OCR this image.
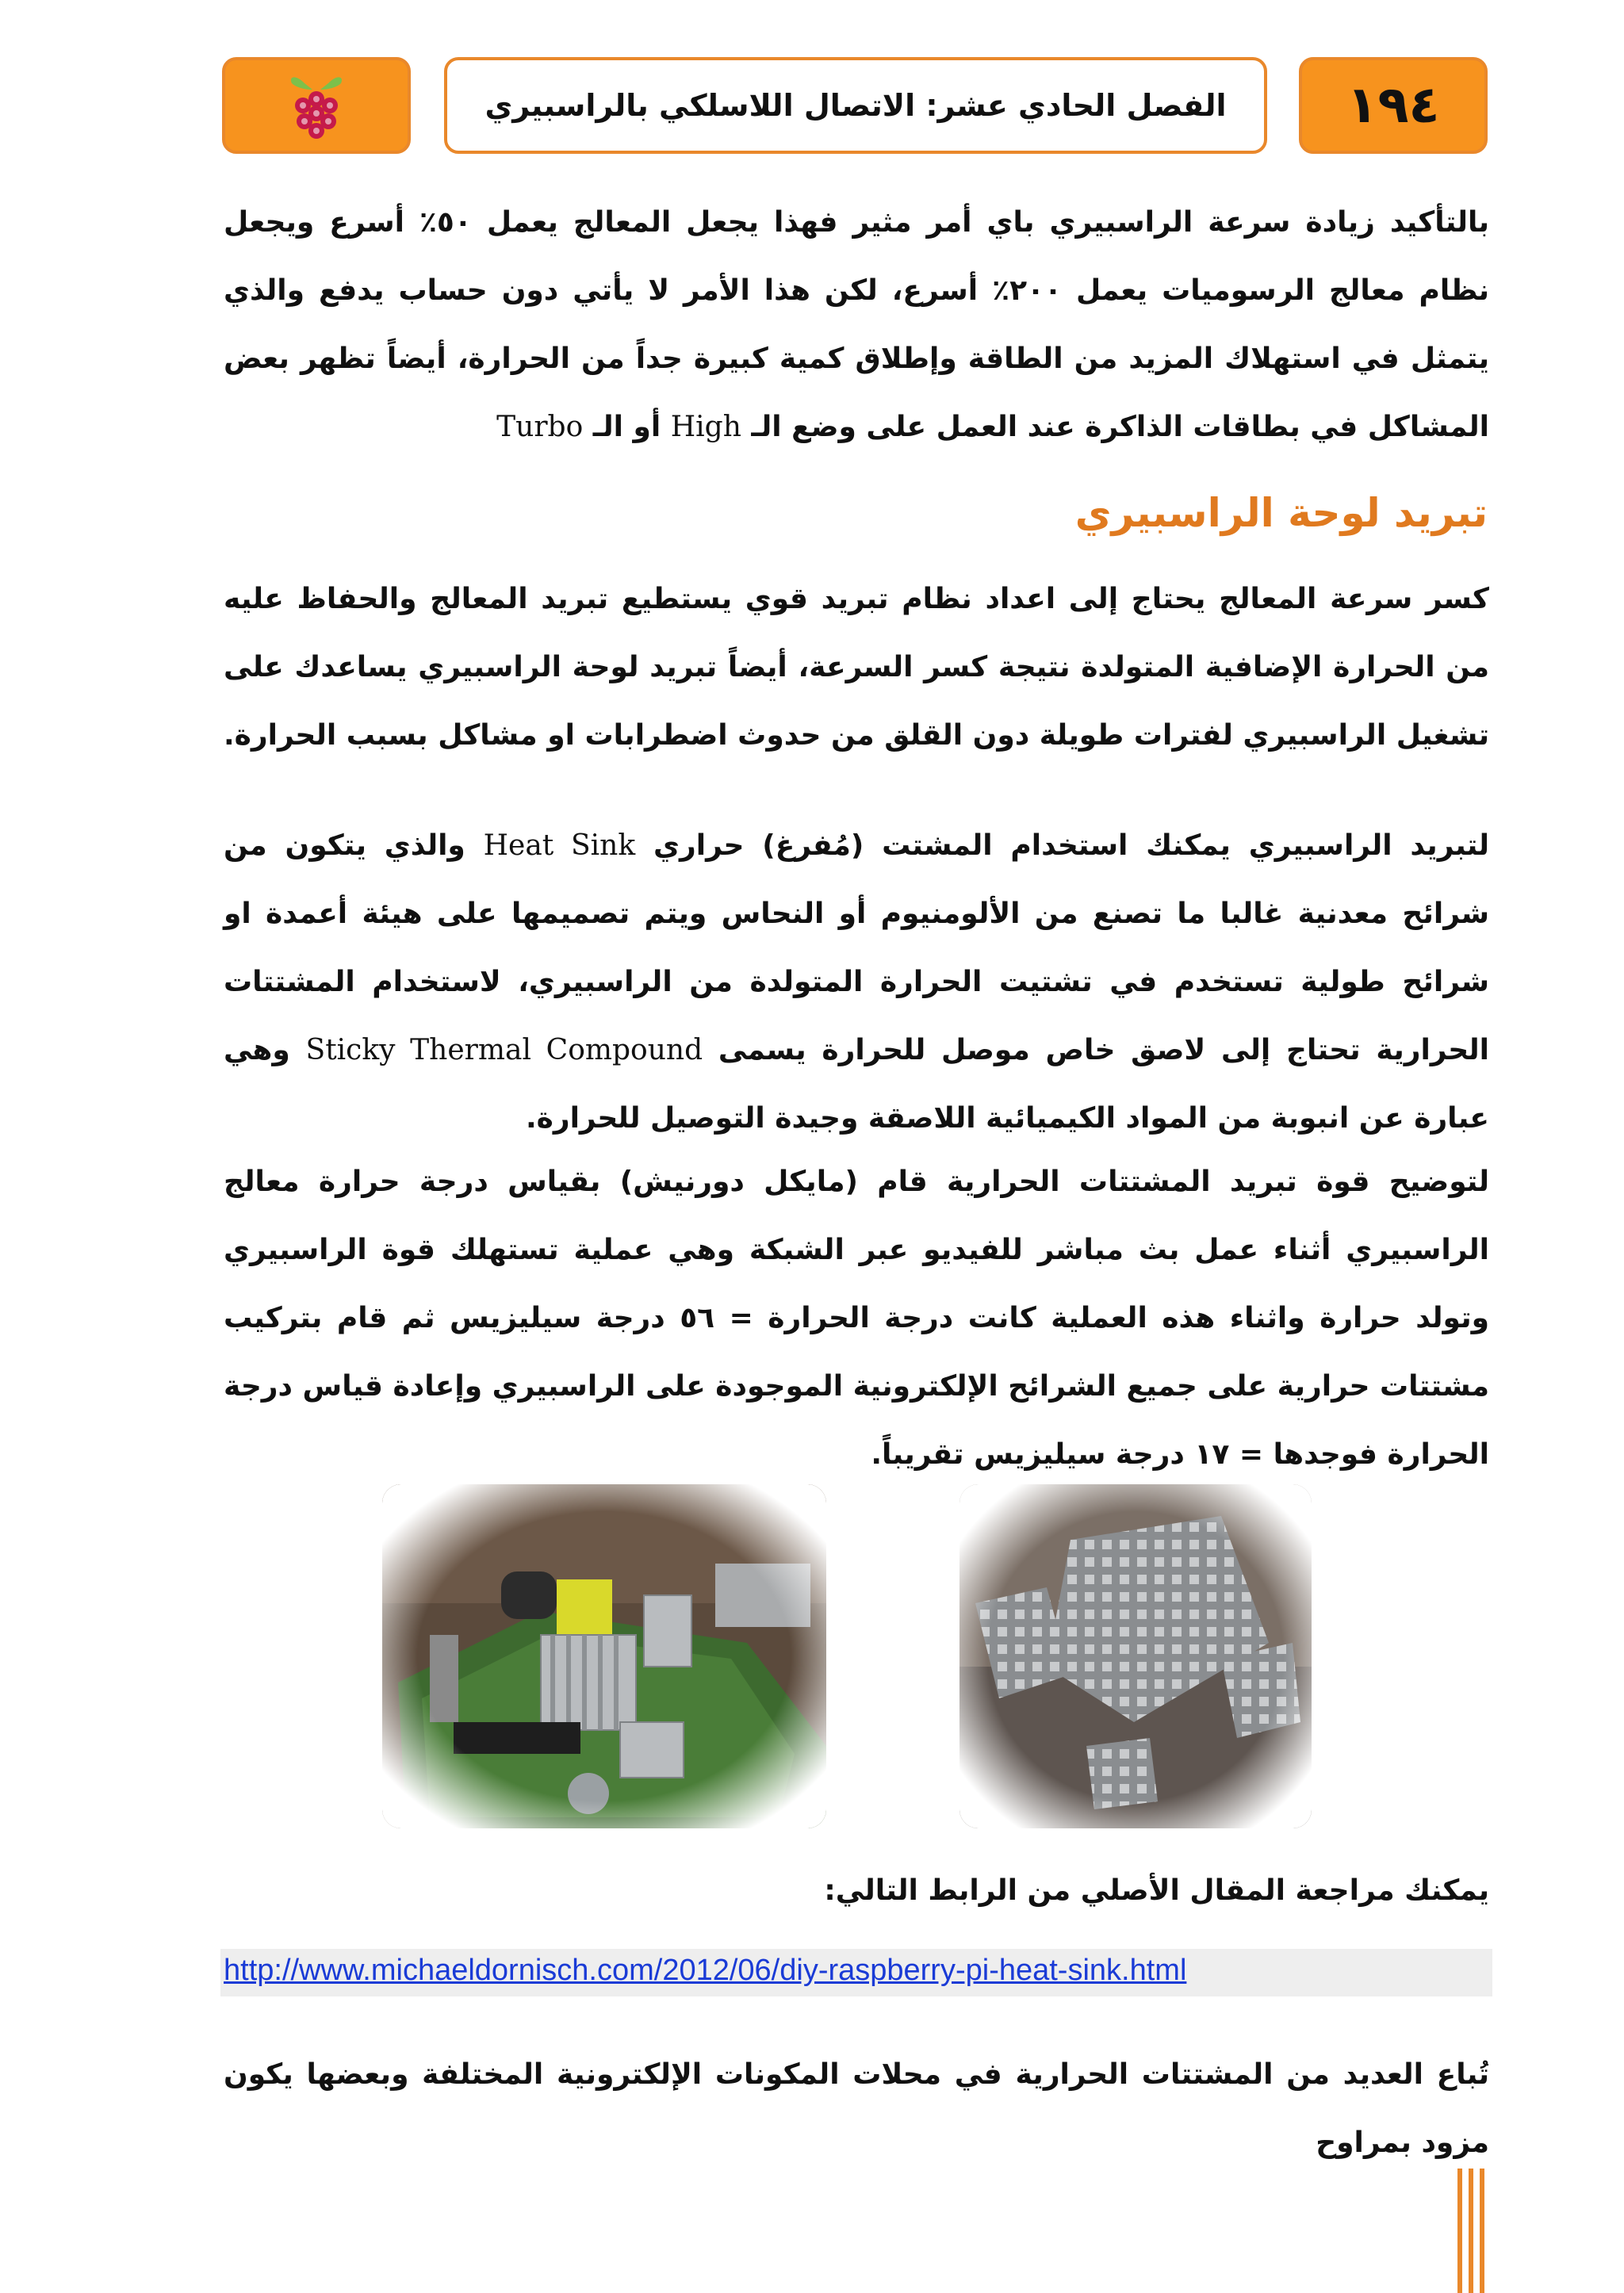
الفصل الحادي عشر: الاتصال اللاسلكي بالراسبيري ١٩٤

بالتأكيد زيادة سرعة الراسبيري باي أمر مثير فهذا يجعل المعالج يعمل ٥٠٪ أسرع ويجعل نظام معالج الرسوميات يعمل ٢٠٠٪ أسرع، لكن هذا الأمر لا يأتي دون حساب يدفع والذي يتمثل في استهلاك المزيد من الطاقة وإطلاق كمية كبيرة جداً من الحرارة، أيضاً تظهر بعض المشاكل في بطاقات الذاكرة عند العمل على وضع الـ High أو الـ Turbo

تبريد لوحة الراسبيري

كسر سرعة المعالج يحتاج إلى اعداد نظام تبريد قوي يستطيع تبريد المعالج والحفاظ عليه من الحرارة الإضافية المتولدة نتيجة كسر السرعة، أيضاً تبريد لوحة الراسبيري يساعدك على تشغيل الراسبيري لفترات طويلة دون القلق من حدوث اضطرابات او مشاكل بسبب الحرارة.

لتبريد الراسبيري يمكنك استخدام المشتت (مُفرغ) حراري Heat Sink والذي يتكون من شرائح معدنية غالبا ما تصنع من الألومنيوم أو النحاس ويتم تصميمها على هيئة أعمدة او شرائح طولية تستخدم في تشتيت الحرارة المتولدة من الراسبيري، لاستخدام المشتتات الحرارية تحتاج إلى لاصق خاص موصل للحرارة يسمى Sticky Thermal Compound وهي عبارة عن انبوبة من المواد الكيميائية اللاصقة وجيدة التوصيل للحرارة.

لتوضيح قوة تبريد المشتتات الحرارية قام (مايكل دورنيش) بقياس درجة حرارة معالج الراسبيري أثناء عمل بث مباشر للفيديو عبر الشبكة وهي عملية تستهلك قوة الراسبيري وتولد حرارة واثناء هذه العملية كانت درجة الحرارة = ٥٦ درجة سيليزيس ثم قام بتركيب مشتتات حرارية على جميع الشرائح الإلكترونية الموجودة على الراسبيري وإعادة قياس درجة الحرارة فوجدها = ١٧ درجة سيليزيس تقريباً.

يمكنك مراجعة المقال الأصلي من الرابط التالي:

http://www.michaeldornisch.com/2012/06/diy-raspberry-pi-heat-sink.html

تُباع العديد من المشتتات الحرارية في محلات المكونات الإلكترونية المختلفة وبعضها يكون مزود بمراوح
